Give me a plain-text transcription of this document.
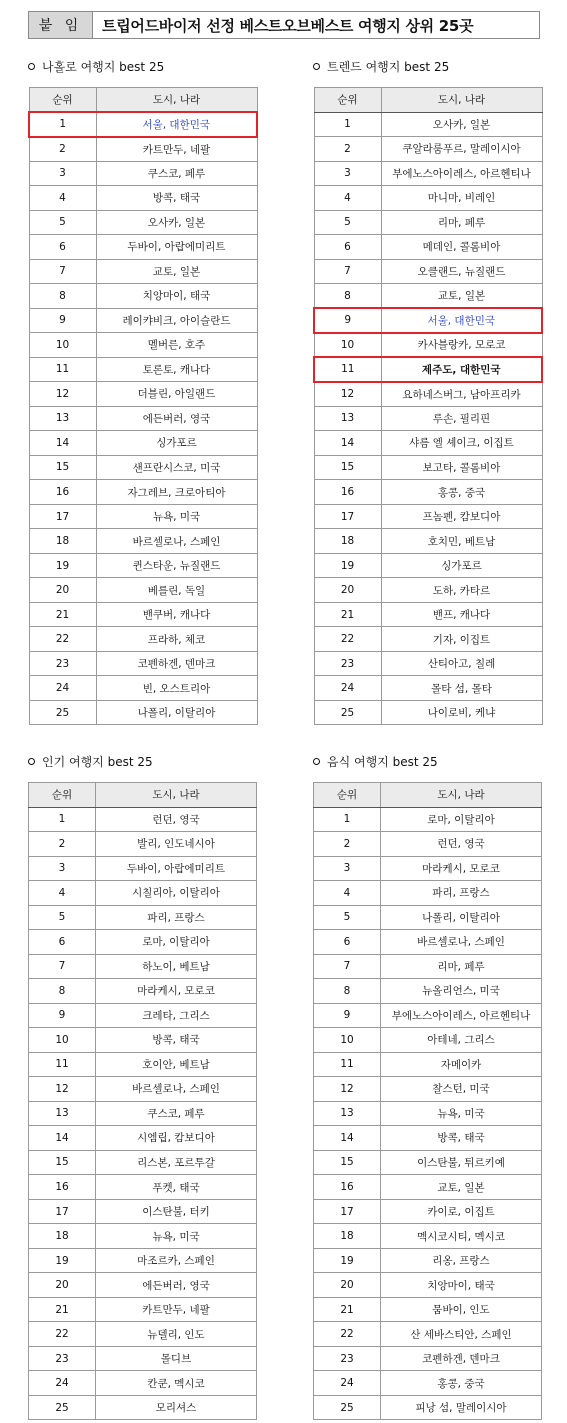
붙 임	트립어드바이저 선정 베스트오브베스트 여행지 상위 25곳
나홀로 여행지 best 25
순위	도시, 나라
1	서울, 대한민국
2	카트만두, 네팔
3	쿠스코, 페루
4	방콕, 태국
5	오사카, 일본
6	두바이, 아랍에미리트
7	교토, 일본
8	치앙마이, 태국
9	레이캬비크, 아이슬란드
10	멜버른, 호주
11	토론토, 캐나다
12	더블린, 아일랜드
13	에든버러, 영국
14	싱가포르
15	샌프란시스코, 미국
16	자그레브, 크로아티아
17	뉴욕, 미국
18	바르셀로나, 스페인
19	퀸스타운, 뉴질랜드
20	베를린, 독일
21	밴쿠버, 캐나다
22	프라하, 체코
23	코펜하겐, 덴마크
24	빈, 오스트리아
25	나폴리, 이탈리아
트렌드 여행지 best 25
순위	도시, 나라
1	오사카, 일본
2	쿠알라룸푸르, 말레이시아
3	부에노스아이레스, 아르헨티나
4	마니마, 비레인
5	리마, 페루
6	메데인, 콜롬비아
7	오클랜드, 뉴질랜드
8	교토, 일본
9	서울, 대한민국
10	카사블랑카, 모로코
11	제주도, 대한민국
12	요하네스버그, 남아프리카
13	루손, 필리핀
14	샤름 엘 셰이크, 이집트
15	보고타, 콜롬비아
16	홍콩, 중국
17	프놈펜, 캄보디아
18	호치민, 베트남
19	싱가포르
20	도하, 카타르
21	밴프, 캐나다
22	기자, 이집트
23	산티아고, 칠레
24	몰타 섬, 몰타
25	나이로비, 케냐
인기 여행지 best 25
순위	도시, 나라
1	런던, 영국
2	발리, 인도네시아
3	두바이, 아랍에미리트
4	시칠리아, 이탈리아
5	파리, 프랑스
6	로마, 이탈리아
7	하노이, 베트남
8	마라케시, 모로코
9	크레타, 그리스
10	방콕, 태국
11	호이안, 베트남
12	바르셀로나, 스페인
13	쿠스코, 페루
14	시엠립, 캄보디아
15	리스본, 포르투갈
16	푸켓, 태국
17	이스탄불, 터키
18	뉴욕, 미국
19	마조르카, 스페인
20	에든버러, 영국
21	카트만두, 네팔
22	뉴델리, 인도
23	몰디브
24	칸쿤, 멕시코
25	모리셔스
음식 여행지 best 25
순위	도시, 나라
1	로마, 이탈리아
2	런던, 영국
3	마라케시, 모로코
4	파리, 프랑스
5	나폴리, 이탈리아
6	바르셀로나, 스페인
7	리마, 페루
8	뉴올리언스, 미국
9	부에노스아이레스, 아르헨티나
10	아테네, 그리스
11	자메이카
12	찰스턴, 미국
13	뉴욕, 미국
14	방콕, 태국
15	이스탄불, 튀르키예
16	교토, 일본
17	카이로, 이집트
18	멕시코시티, 멕시코
19	리옹, 프랑스
20	치앙마이, 태국
21	뭄바이, 인도
22	산 세바스티안, 스페인
23	코펜하겐, 덴마크
24	홍콩, 중국
25	피낭 섬, 말레이시아
